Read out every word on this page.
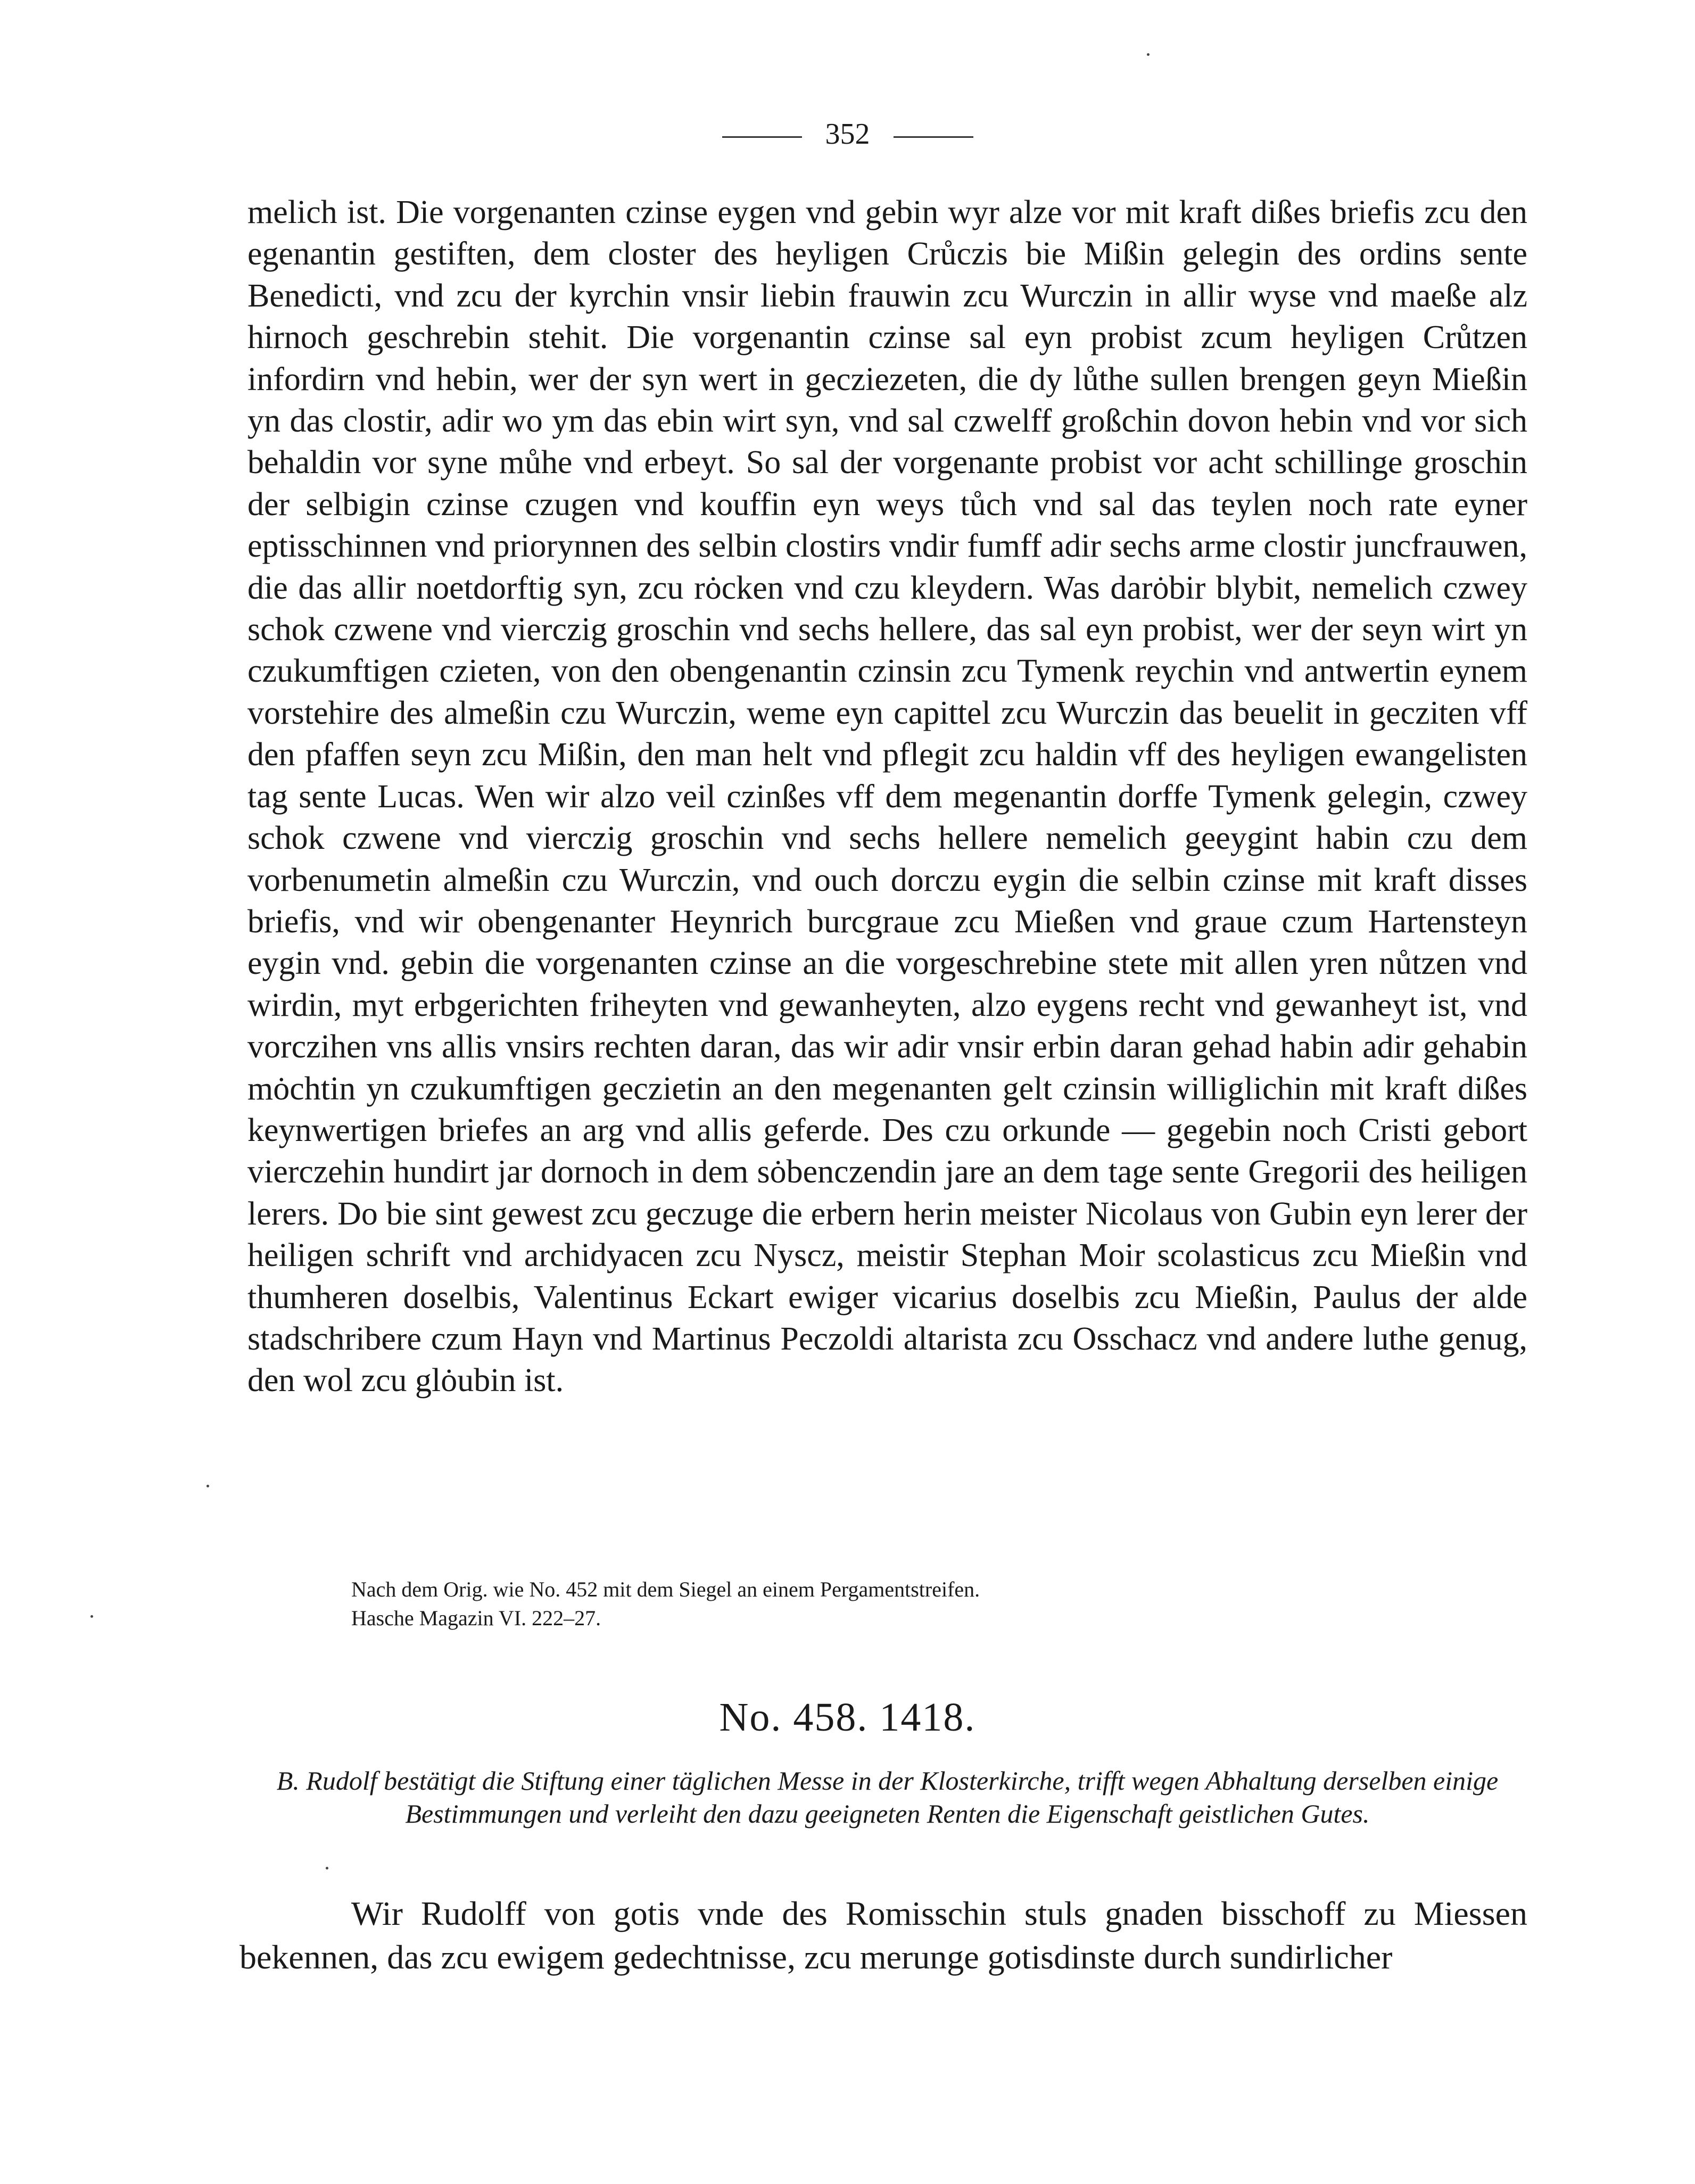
352
melich ist. Die vorgenanten czinse eygen vnd gebin wyr alze vor mit kraft dißes briefis zcu den egenantin gestiften, dem closter des heyligen Crůczis bie Mißin gelegin des ordins sente Benedicti, vnd zcu der kyrchin vnsir liebin frauwin zcu Wurczin in allir wyse vnd maeße alz hirnoch geschrebin stehit. Die vorgenantin czinse sal eyn probist zcum heyligen Crůtzen infordirn vnd hebin, wer der syn wert in gecziezeten, die dy lůthe sullen brengen geyn Mießin yn das clostir, adir wo ym das ebin wirt syn, vnd sal czwelff großchin dovon hebin vnd vor sich behaldin vor syne můhe vnd erbeyt. So sal der vorgenante probist vor acht schillinge groschin der selbigin czinse czugen vnd kouffin eyn weys tůch vnd sal das teylen noch rate eyner eptisschinnen vnd priorynnen des selbin clostirs vndir fumff adir sechs arme clostir juncfrauwen, die das allir noetdorftig syn, zcu rȯcken vnd czu kleydern. Was darȯbir blybit, nemelich czwey schok czwene vnd vierczig groschin vnd sechs hellere, das sal eyn probist, wer der seyn wirt yn czukumftigen czieten, von den obengenantin czinsin zcu Tymenk reychin vnd antwertin eynem vorstehire des almeßin czu Wurczin, weme eyn capittel zcu Wurczin das beuelit in gecziten vff den pfaffen seyn zcu Mißin, den man helt vnd pflegit zcu haldin vff des heyligen ewangelisten tag sente Lucas. Wen wir alzo veil czinßes vff dem megenantin dorffe Tymenk gelegin, czwey schok czwene vnd vierczig groschin vnd sechs hellere nemelich geeygint habin czu dem vorbenumetin almeßin czu Wurczin, vnd ouch dorczu eygin die selbin czinse mit kraft disses briefis, vnd wir obengenanter Heynrich burcgraue zcu Mießen vnd graue czum Hartensteyn eygin vnd. gebin die vorgenanten czinse an die vorgeschrebine stete mit allen yren nůtzen vnd wirdin, myt erbgerichten friheyten vnd gewanheyten, alzo eygens recht vnd gewanheyt ist, vnd vorczihen vns allis vnsirs rechten daran, das wir adir vnsir erbin daran gehad habin adir gehabin mȯchtin yn czukumftigen geczietin an den megenanten gelt czinsin williglichin mit kraft dißes keynwertigen briefes an arg vnd allis geferde. Des czu orkunde — gegebin noch Cristi gebort vierczehin hundirt jar dornoch in dem sȯbenczendin jare an dem tage sente Gregorii des heiligen lerers. Do bie sint gewest zcu geczuge die erbern herin meister Nicolaus von Gubin eyn lerer der heiligen schrift vnd archidyacen zcu Nyscz, meistir Stephan Moir scolasticus zcu Mießin vnd thumheren doselbis, Valentinus Eckart ewiger vicarius doselbis zcu Mießin, Paulus der alde stadschribere czum Hayn vnd Martinus Peczoldi altarista zcu Osschacz vnd andere luthe genug, den wol zcu glȯubin ist.
Nach dem Orig. wie No. 452 mit dem Siegel an einem Pergamentstreifen.
Hasche Magazin VI. 222–27.
No. 458. 1418.
B. Rudolf bestätigt die Stiftung einer täglichen Messe in der Klosterkirche, trifft wegen Abhaltung derselben einige Bestimmungen und verleiht den dazu geeigneten Renten die Eigenschaft geistlichen Gutes.
Wir Rudolff von gotis vnde des Romisschin stuls gnaden bisschoff zu Miessen bekennen, das zcu ewigem gedechtnisse, zcu merunge gotisdinste durch sundirlicher
